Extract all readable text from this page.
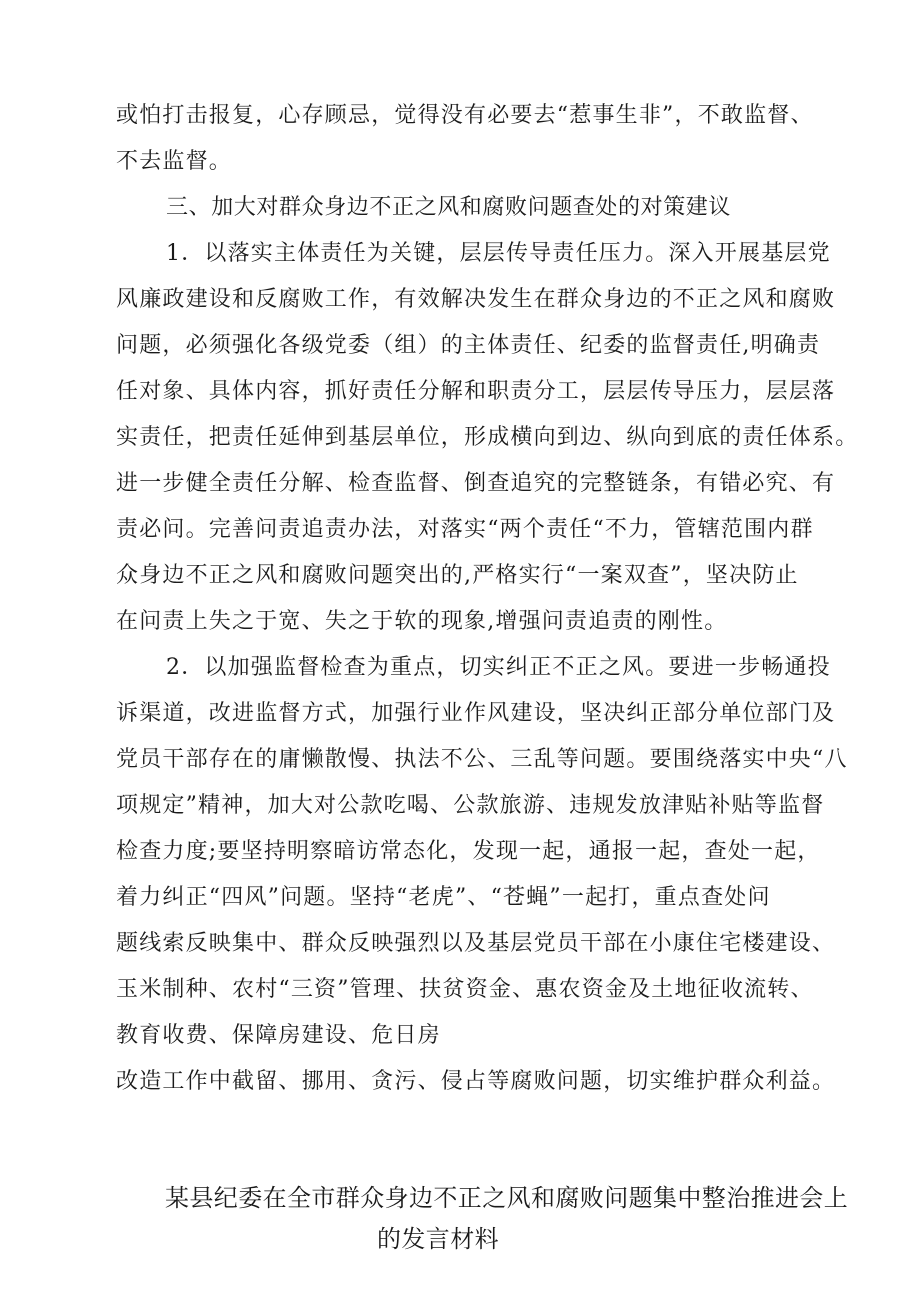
或怕打击报复，心存顾忌，觉得没有必要去“惹事生非”，不敢监督、
不去监督。
三、加大对群众身边不正之风和腐败问题查处的对策建议
1．以落实主体责任为关键，层层传导责任压力。深入开展基层党
风廉政建设和反腐败工作，有效解决发生在群众身边的不正之风和腐败
问题，必须强化各级党委（组）的主体责任、纪委的监督责任,明确责
任对象、具体内容，抓好责任分解和职责分工，层层传导压力，层层落
实责任，把责任延伸到基层单位，形成横向到边、纵向到底的责任体系。
进一步健全责任分解、检查监督、倒查追究的完整链条，有错必究、有
责必问。完善问责追责办法，对落实“两个责任“不力，管辖范围内群
众身边不正之风和腐败问题突出的,严格实行“一案双查”，坚决防止
在问责上失之于宽、失之于软的现象,增强问责追责的刚性。
2．以加强监督检查为重点，切实纠正不正之风。要进一步畅通投
诉渠道，改进监督方式，加强行业作风建设，坚决纠正部分单位部门及
党员干部存在的庸懒散慢、执法不公、三乱等问题。要围绕落实中央“八
项规定”精神，加大对公款吃喝、公款旅游、违规发放津贴补贴等监督
检查力度;要坚持明察暗访常态化，发现一起，通报一起，查处一起，
着力纠正“四风”问题。坚持“老虎”、“苍蝇”一起打，重点查处问
题线索反映集中、群众反映强烈以及基层党员干部在小康住宅楼建设、
玉米制种、农村“三资”管理、扶贫资金、惠农资金及土地征收流转、
教育收费、保障房建设、危日房
改造工作中截留、挪用、贪污、侵占等腐败问题，切实维护群众利益。
某县纪委在全市群众身边不正之风和腐败问题集中整治推进会上
的发言材料
